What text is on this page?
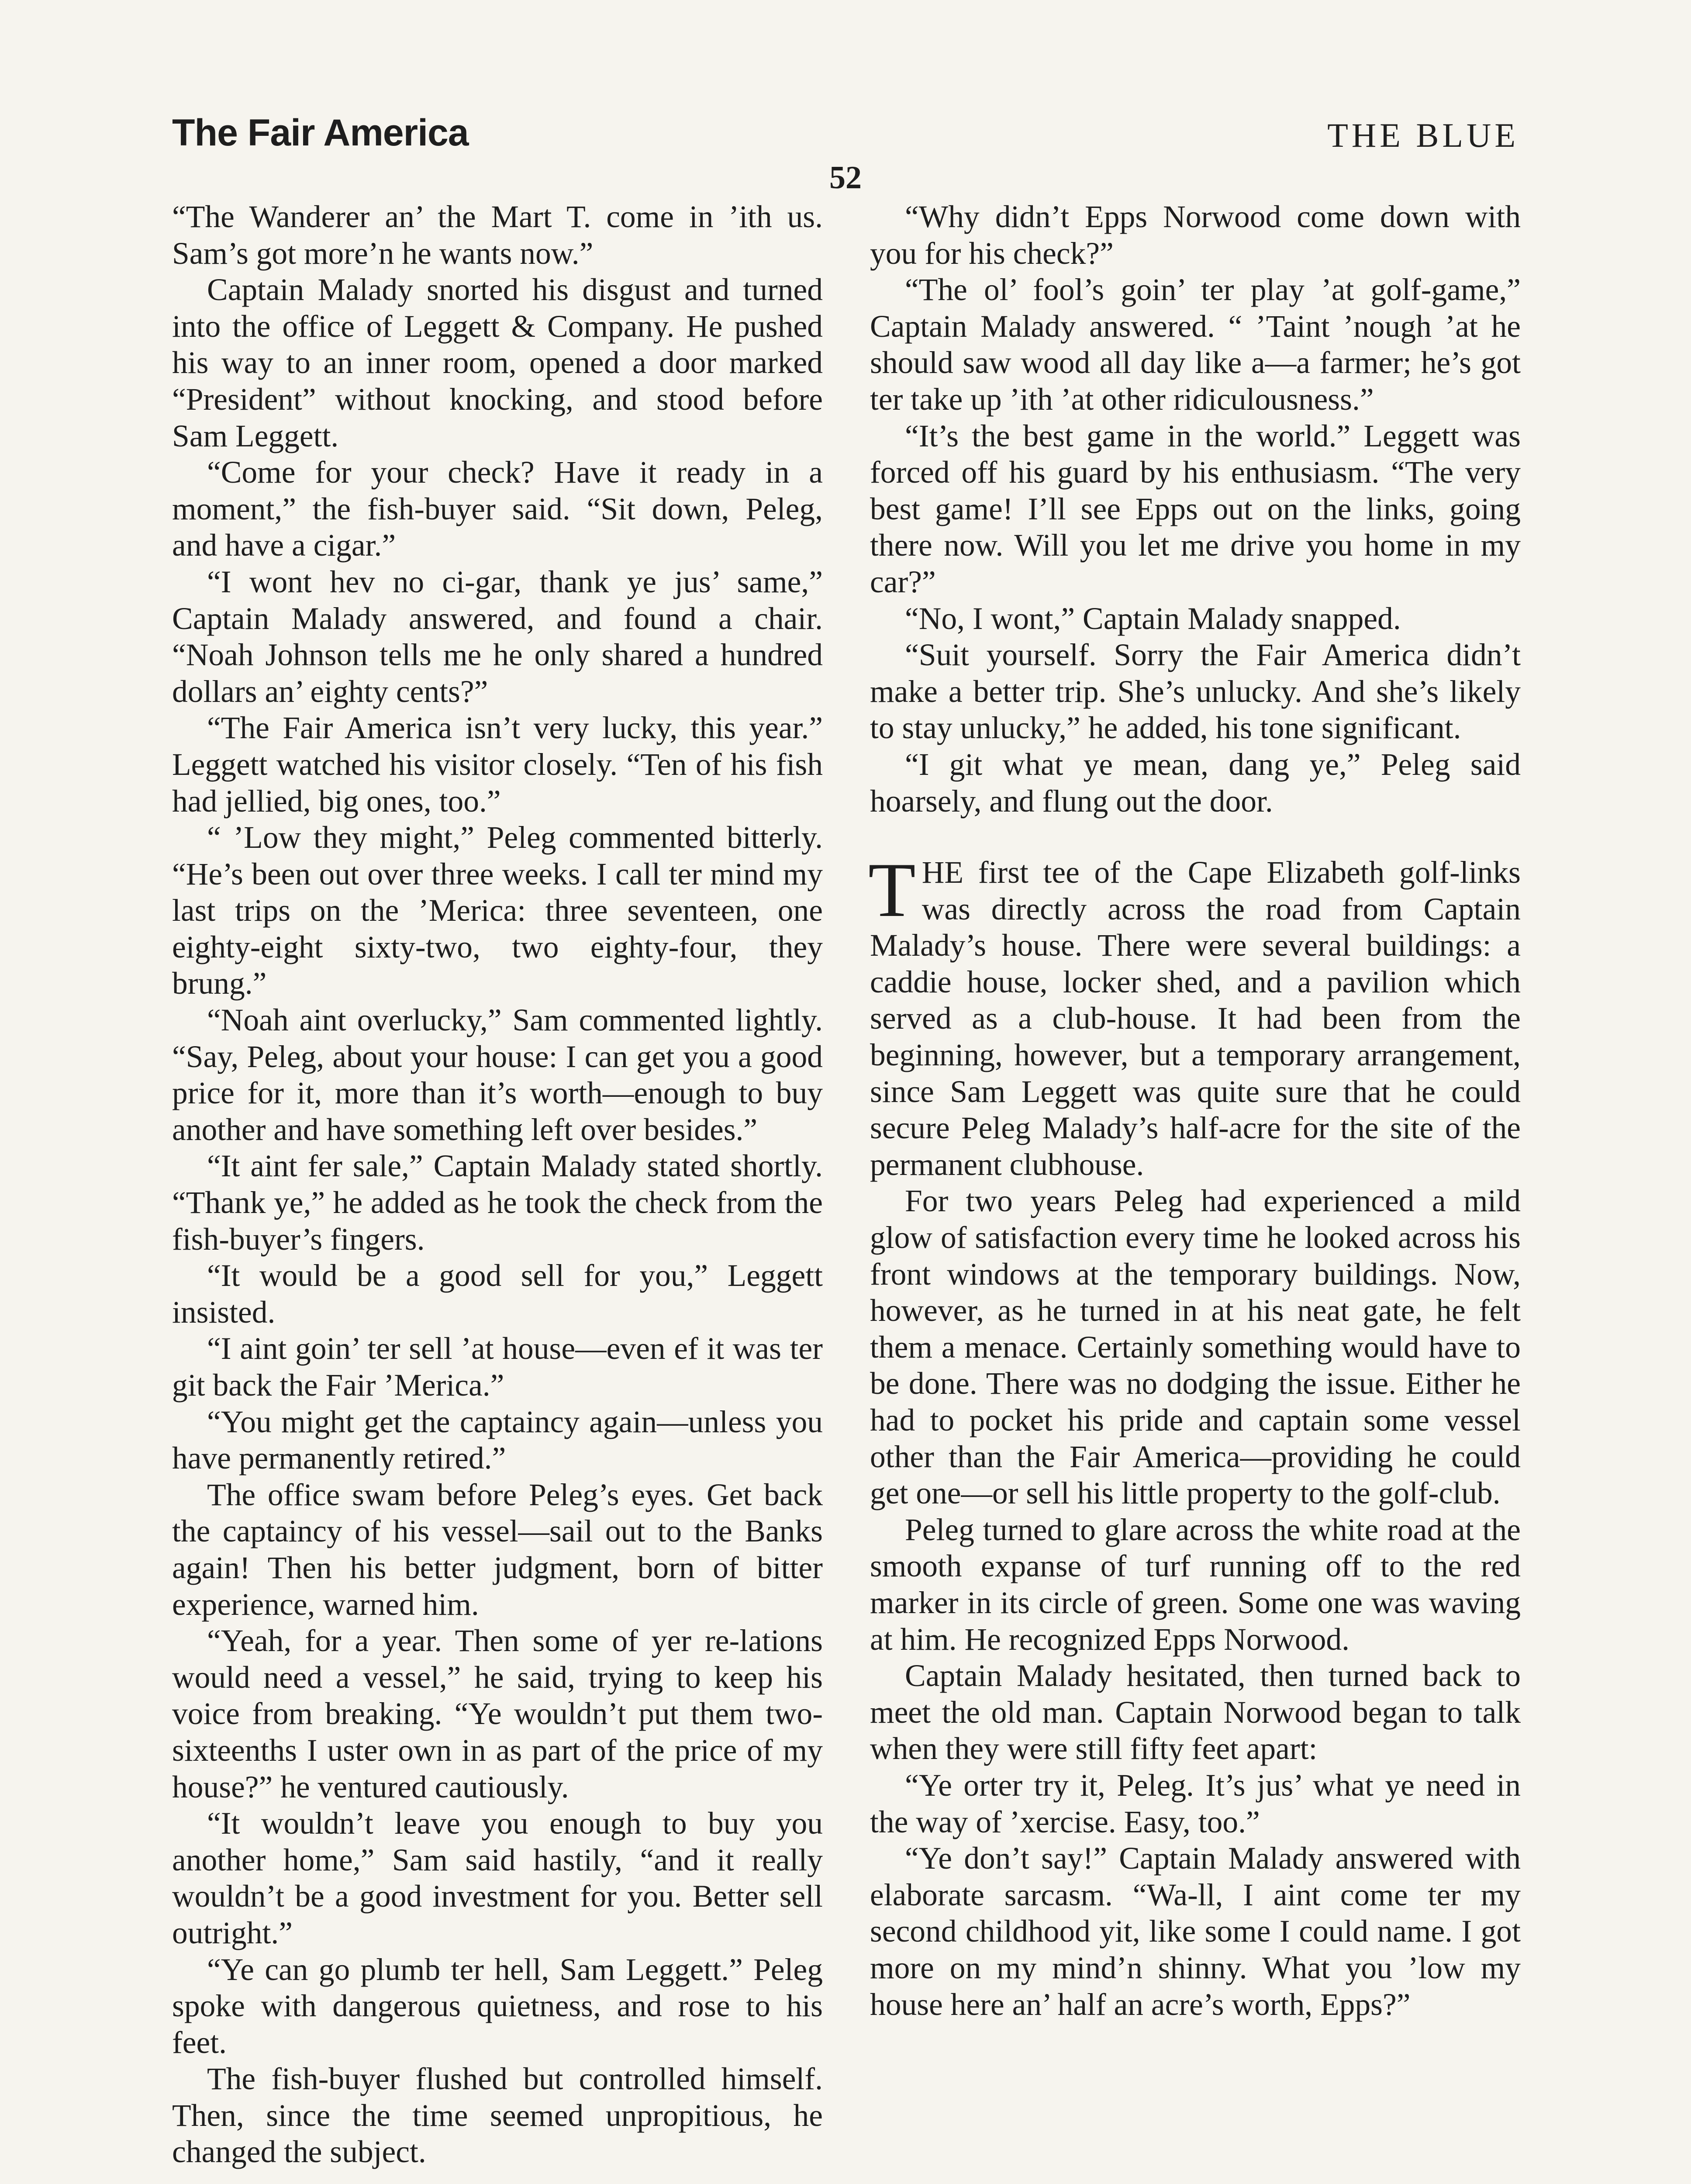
The Fair America	THE BLUE
52

“The Wanderer an’ the Mart T. come in ’ith us. Sam’s got more’n he wants now.”

Captain Malady snorted his disgust and turned into the office of Leggett & Company. He pushed his way to an inner room, opened a door marked “President” without knocking, and stood before Sam Leggett.

“Come for your check? Have it ready in a moment,” the fish-buyer said. “Sit down, Peleg, and have a cigar.”

“I wont hev no ci-gar, thank ye jus’ same,” Captain Malady answered, and found a chair. “Noah Johnson tells me he only shared a hundred dollars an’ eighty cents?”

“The Fair America isn’t very lucky, this year.” Leggett watched his visitor closely. “Ten of his fish had jellied, big ones, too.”

“ ’Low they might,” Peleg commented bitterly. “He’s been out over three weeks. I call ter mind my last trips on the ’Merica: three seventeen, one eighty-eight sixty-two, two eighty-four, they brung.”

“Noah aint overlucky,” Sam commented lightly. “Say, Peleg, about your house: I can get you a good price for it, more than it’s worth—enough to buy another and have something left over besides.”

“It aint fer sale,” Captain Malady stated shortly. “Thank ye,” he added as he took the check from the fish-buyer’s fingers.

“It would be a good sell for you,” Leggett insisted.

“I aint goin’ ter sell ’at house—even ef it was ter git back the Fair ’Merica.”

“You might get the captaincy again—unless you have permanently retired.”

The office swam before Peleg’s eyes. Get back the captaincy of his vessel—sail out to the Banks again! Then his better judgment, born of bitter experience, warned him.

“Yeah, for a year. Then some of yer re-lations would need a vessel,” he said, trying to keep his voice from breaking. “Ye wouldn’t put them two-sixteenths I uster own in as part of the price of my house?” he ventured cautiously.

“It wouldn’t leave you enough to buy you another home,” Sam said hastily, “and it really wouldn’t be a good investment for you. Better sell outright.”

“Ye can go plumb ter hell, Sam Leggett.” Peleg spoke with dangerous quietness, and rose to his feet.

The fish-buyer flushed but controlled himself. Then, since the time seemed unpropitious, he changed the subject.

“Why didn’t Epps Norwood come down with you for his check?”

“The ol’ fool’s goin’ ter play ’at golf-game,” Captain Malady answered. “ ’Taint ’nough ’at he should saw wood all day like a—a farmer; he’s got ter take up ’ith ’at other ridiculousness.”

“It’s the best game in the world.” Leggett was forced off his guard by his enthusiasm. “The very best game! I’ll see Epps out on the links, going there now. Will you let me drive you home in my car?”

“No, I wont,” Captain Malady snapped.

“Suit yourself. Sorry the Fair America didn’t make a better trip. She’s unlucky. And she’s likely to stay unlucky,” he added, his tone significant.

“I git what ye mean, dang ye,” Peleg said hoarsely, and flung out the door.

THE first tee of the Cape Elizabeth golf-links was directly across the road from Captain Malady’s house. There were several buildings: a caddie house, locker shed, and a pavilion which served as a club-house. It had been from the beginning, however, but a temporary arrangement, since Sam Leggett was quite sure that he could secure Peleg Malady’s half-acre for the site of the permanent clubhouse.

For two years Peleg had experienced a mild glow of satisfaction every time he looked across his front windows at the temporary buildings. Now, however, as he turned in at his neat gate, he felt them a menace. Certainly something would have to be done. There was no dodging the issue. Either he had to pocket his pride and captain some vessel other than the Fair America—providing he could get one—or sell his little property to the golf-club.

Peleg turned to glare across the white road at the smooth expanse of turf running off to the red marker in its circle of green. Some one was waving at him. He recognized Epps Norwood.

Captain Malady hesitated, then turned back to meet the old man. Captain Norwood began to talk when they were still fifty feet apart:

“Ye orter try it, Peleg. It’s jus’ what ye need in the way of ’xercise. Easy, too.”

“Ye don’t say!” Captain Malady answered with elaborate sarcasm. “Wa-ll, I aint come ter my second childhood yit, like some I could name. I got more on my mind’n shinny. What you ’low my house here an’ half an acre’s worth, Epps?”
